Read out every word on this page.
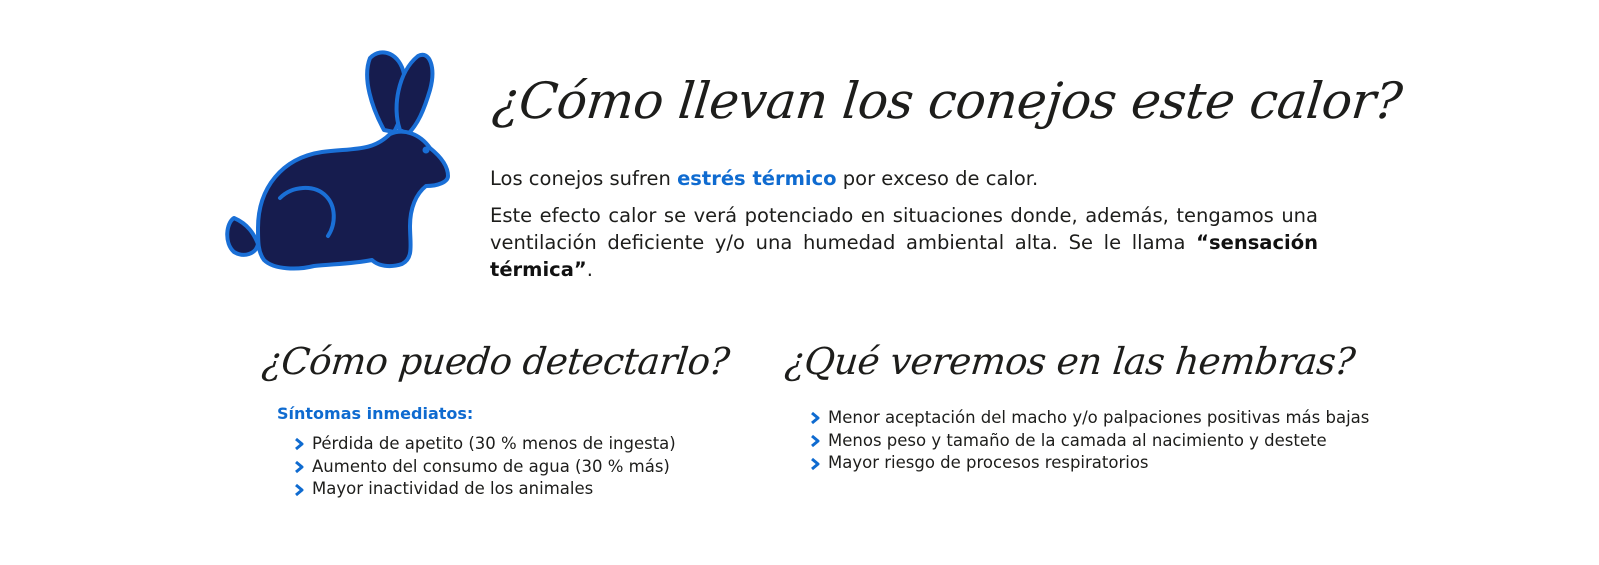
¿Cómo llevan los conejos este calor?

Los conejos sufren estrés térmico por exceso de calor.

Este efecto calor se verá potenciado en situaciones donde, además, tengamos una ventilación deficiente y/o una humedad ambiental alta. Se le llama “sensación térmica”.

¿Cómo puedo detectarlo?

Síntomas inmediatos:

Pérdida de apetito (30 % menos de ingesta)
Aumento del consumo de agua (30 % más)
Mayor inactividad de los animales
¿Qué veremos en las hembras?
Menor aceptación del macho y/o palpaciones positivas más bajas
Menos peso y tamaño de la camada al nacimiento y destete
Mayor riesgo de procesos respiratorios
